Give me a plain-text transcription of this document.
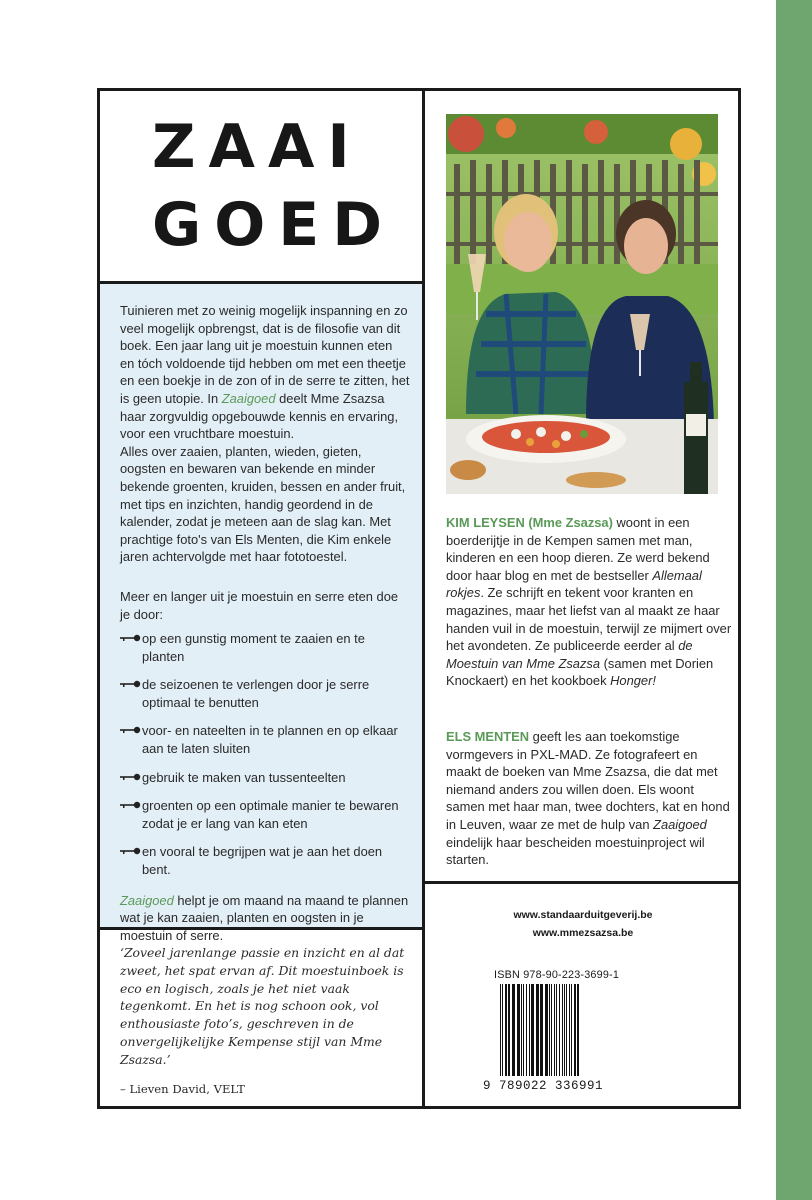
ZAAI
GOED

Tuinieren met zo weinig mogelijk inspanning en zo veel mogelijk opbrengst, dat is de filosofie van dit boek. Een jaar lang uit je moestuin kunnen eten en tóch voldoende tijd hebben om met een theetje en een boekje in de zon of in de serre te zitten, het is geen utopie. In Zaaigoed deelt Mme Zsazsa haar zorgvuldig opgebouwde kennis en ervaring, voor een vruchtbare moestuin.

Alles over zaaien, planten, wieden, gieten, oogsten en bewaren van bekende en minder bekende groenten, kruiden, bessen en ander fruit, met tips en inzichten, handig geordend in de kalender, zodat je meteen aan de slag kan. Met prachtige foto's van Els Menten, die Kim enkele jaren achtervolgde met haar fototoestel.

Meer en langer uit je moestuin en serre eten doe je door:

op een gunstig moment te zaaien en te planten
de seizoenen te verlengen door je serre optimaal te benutten
voor- en nateelten in te plannen en op elkaar aan te laten sluiten
gebruik te maken van tussenteelten
groenten op een optimale manier te bewaren zodat je er lang van kan eten
en vooral te begrijpen wat je aan het doen bent.

Zaaigoed helpt je om maand na maand te plannen wat je kan zaaien, planten en oogsten in je moestuin of serre.

‘Zoveel jarenlange passie en inzicht en al dat zweet, het spat ervan af. Dit moestuinboek is eco en logisch, zoals je het niet vaak tegenkomt. En het is nog schoon ook, vol enthousiaste foto’s, geschreven in de onvergelijkelijke Kempense stijl van Mme Zsazsa.’
– Lieven David, VELT
KIM LEYSEN (Mme Zsazsa) woont in een boerderijtje in de Kempen samen met man, kinderen en een hoop dieren. Ze werd bekend door haar blog en met de bestseller Allemaal rokjes. Ze schrijft en tekent voor kranten en magazines, maar het liefst van al maakt ze haar handen vuil in de moestuin, terwijl ze mijmert over het avondeten. Ze publiceerde eerder al de Moestuin van Mme Zsazsa (samen met Dorien Knockaert) en het kookboek Honger!
ELS MENTEN geeft les aan toekomstige vormgevers in PXL-MAD. Ze fotografeert en maakt de boeken van Mme Zsazsa, die dat met niemand anders zou willen doen. Els woont samen met haar man, twee dochters, kat en hond in Leuven, waar ze met de hulp van Zaaigoed eindelijk haar bescheiden moestuinproject wil starten.
www.standaarduitgeverij.be
www.mmezsazsa.be
ISBN 978-90-223-3699-1
9 789022 336991
